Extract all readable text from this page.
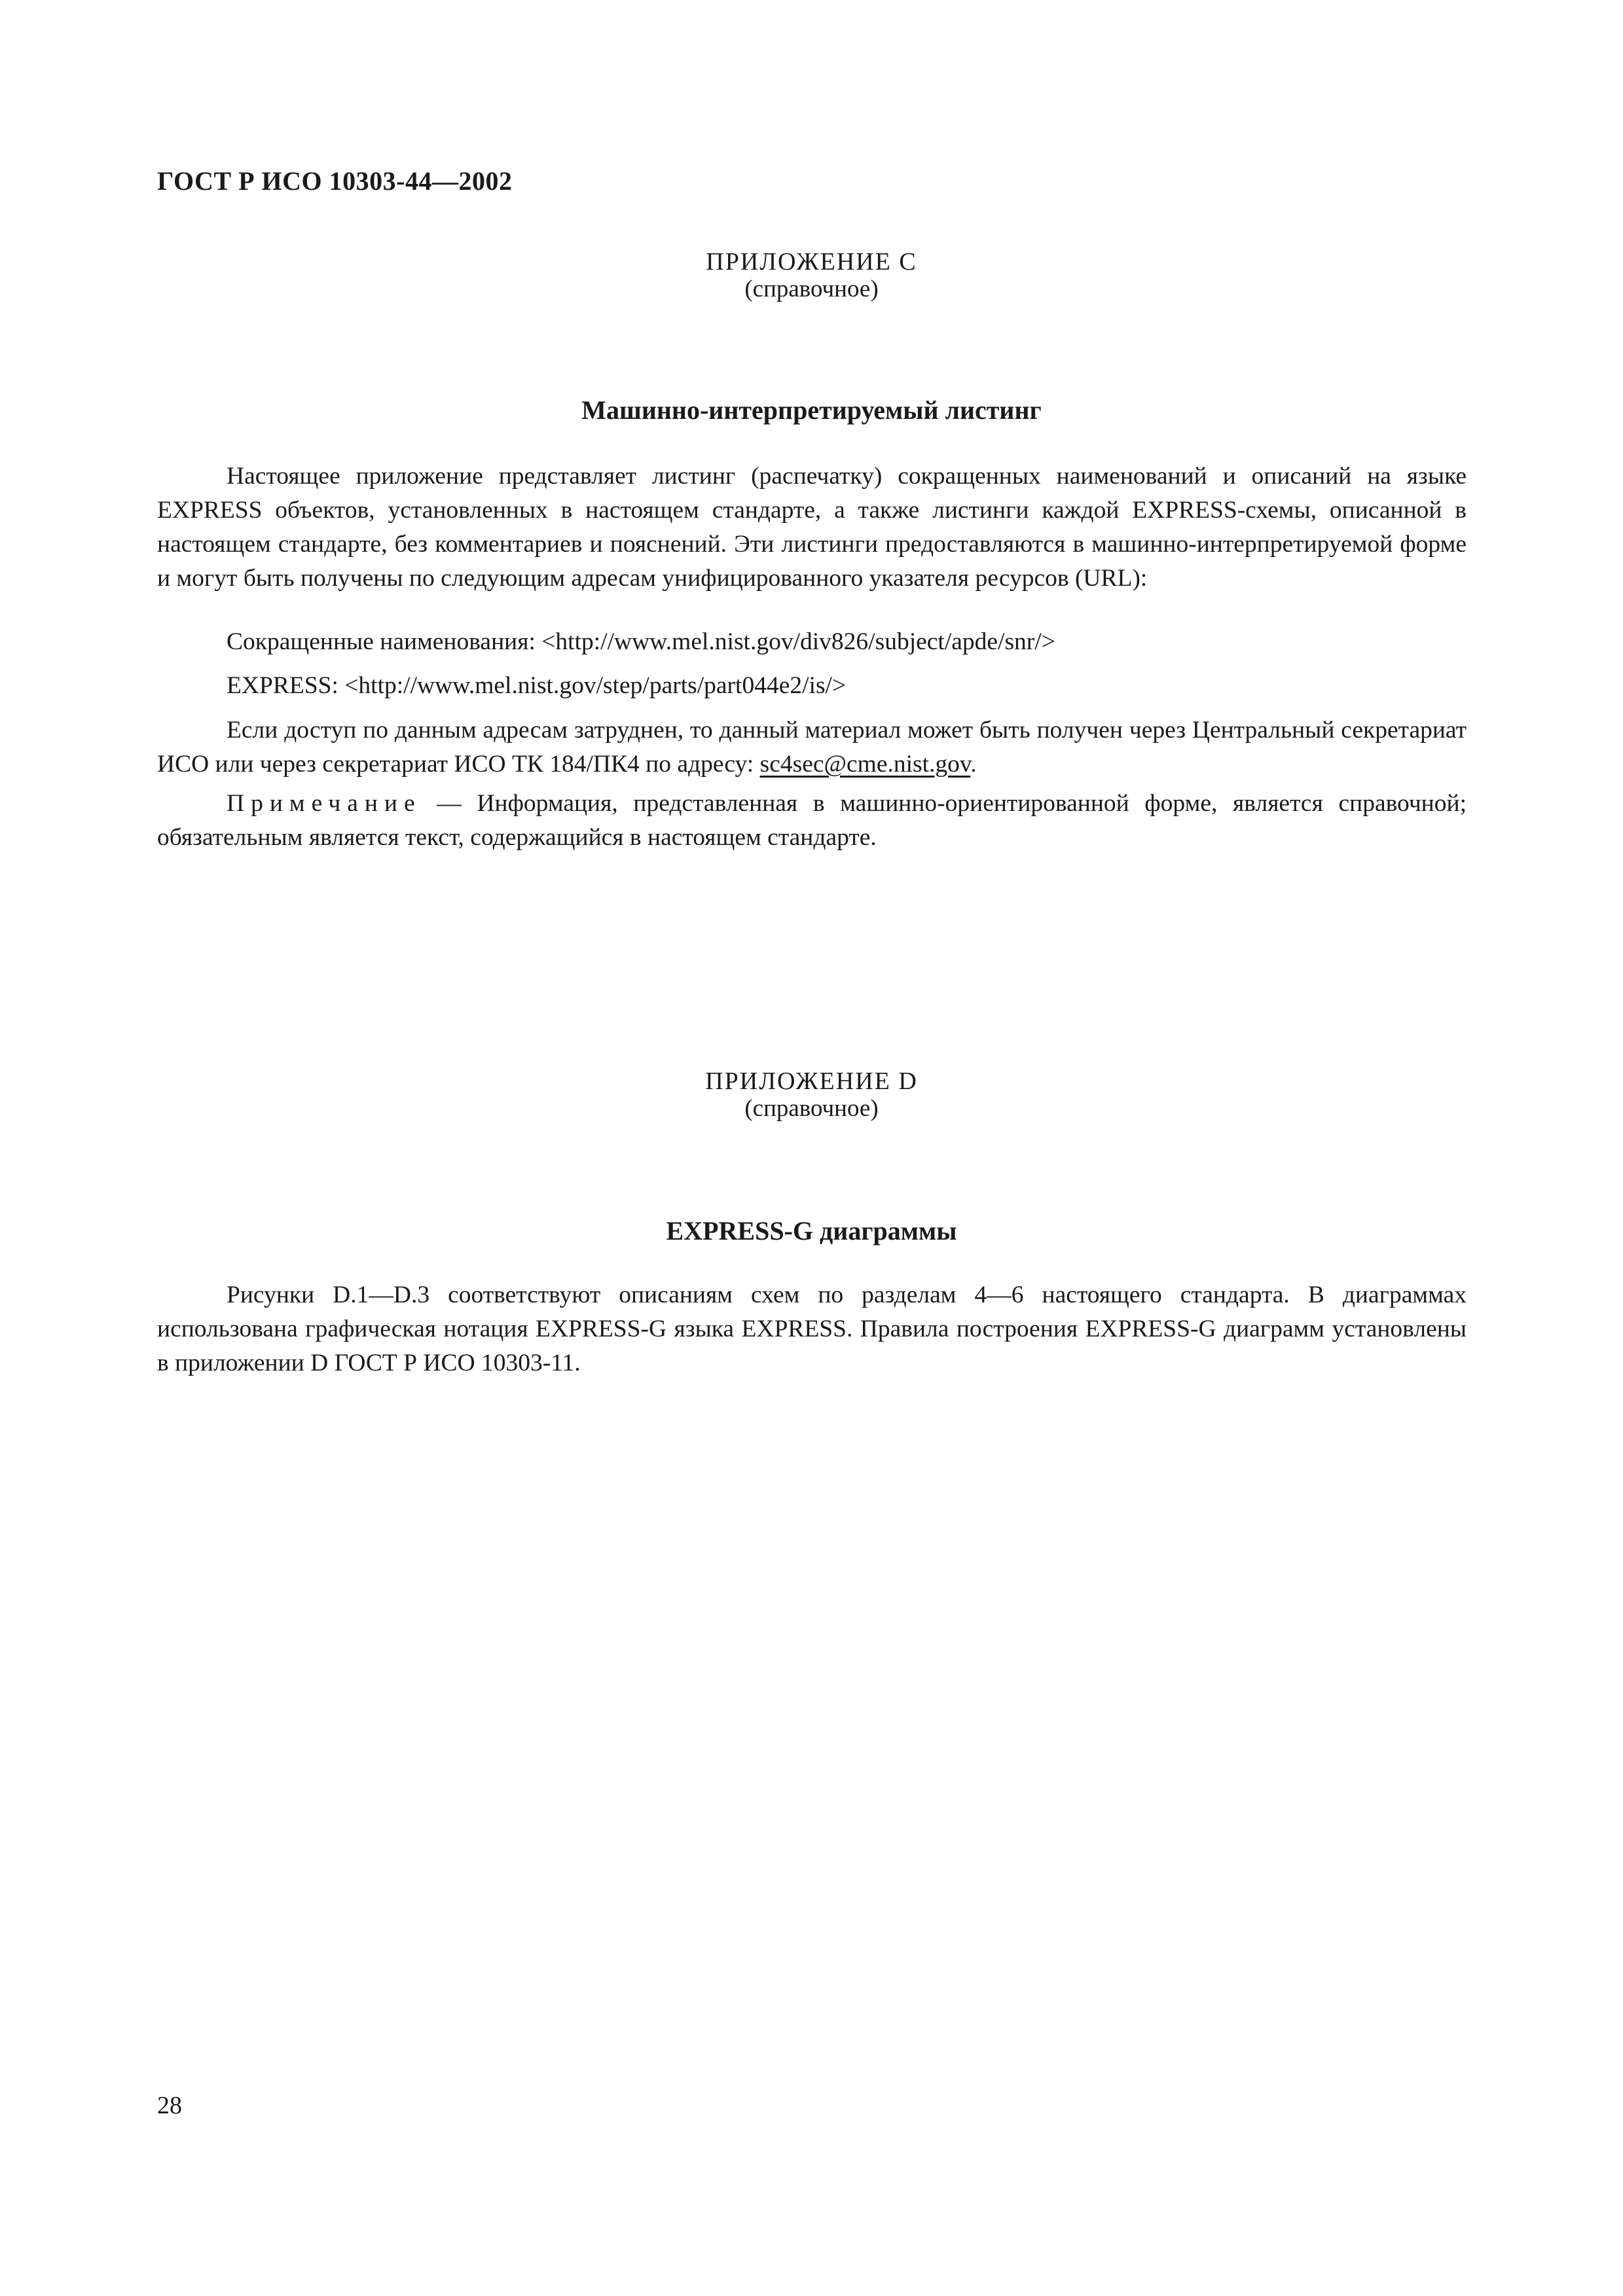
ГОСТ Р ИСО 10303-44—2002
ПРИЛОЖЕНИЕ С
(справочное)
Машинно-интерпретируемый листинг

Настоящее приложение представляет листинг (распечатку) сокращенных наименований и описаний на языке EXPRESS объектов, установленных в настоящем стандарте, а также листинги каждой EXPRESS-схемы, описанной в настоящем стандарте, без комментариев и пояснений. Эти листинги предоставляются в машинно-интерпретируемой форме и могут быть получены по следующим адресам унифицированного указателя ресурсов (URL):

Сокращенные наименования: <http://www.mel.nist.gov/div826/subject/apde/snr/>

EXPRESS: <http://www.mel.nist.gov/step/parts/part044e2/is/>

Если доступ по данным адресам затруднен, то данный материал может быть получен через Центральный секретариат ИСО или через секретариат ИСО ТК 184/ПК4 по адресу: sc4sec@cme.nist.gov.

Примечание — Информация, представленная в машинно-ориентированной форме, является справочной; обязательным является текст, содержащийся в настоящем стандарте.

ПРИЛОЖЕНИЕ D
(справочное)
EXPRESS-G диаграммы

Рисунки D.1—D.3 соответствуют описаниям схем по разделам 4—6 настоящего стандарта. В диаграммах использована графическая нотация EXPRESS-G языка EXPRESS. Правила построения EXPRESS-G диаграмм установлены в приложении D ГОСТ Р ИСО 10303-11.

28
